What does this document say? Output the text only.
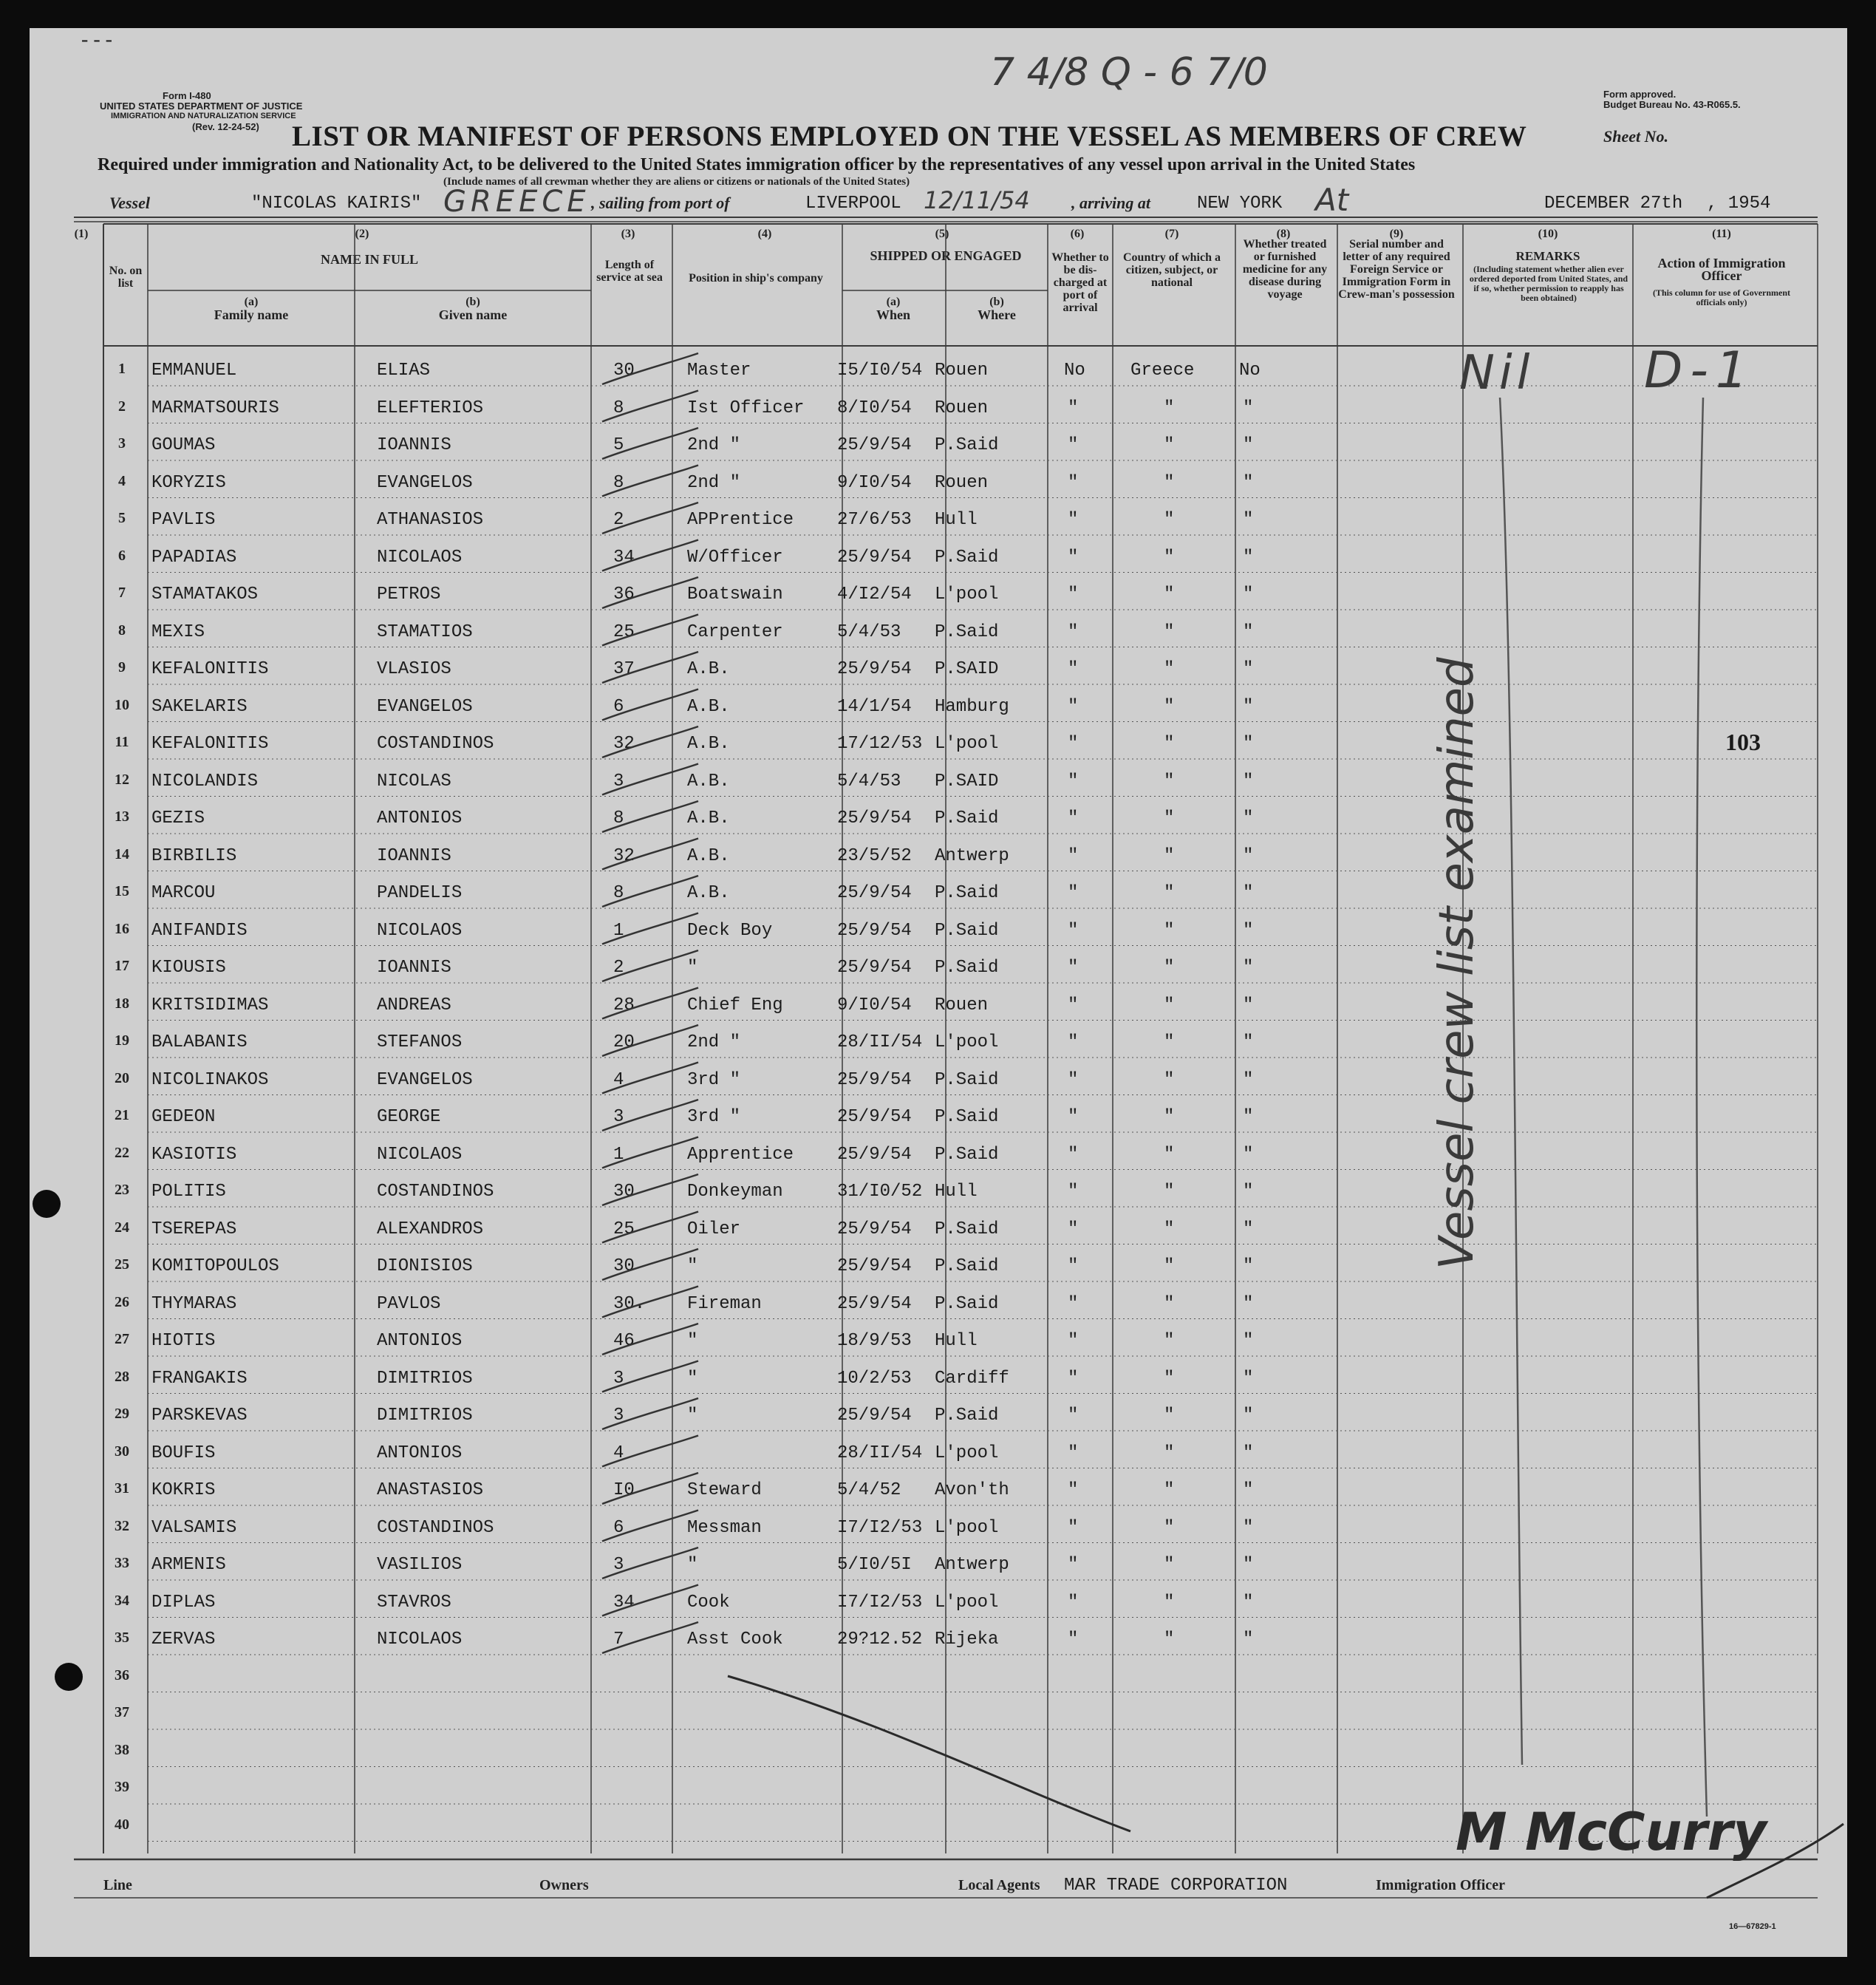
- - -
Form I-480
UNITED STATES DEPARTMENT OF JUSTICE
IMMIGRATION AND NATURALIZATION SERVICE
(Rev. 12-24-52)
7 4/8 Q - 6 7/0	Form approved.
Budget Bureau No. 43-R065.5.
Sheet No.
LIST OR MANIFEST OF PERSONS EMPLOYED ON THE VESSEL AS MEMBERS OF CREW
Required under immigration and Nationality Act, to be delivered to the United States immigration officer by the representatives of any vessel upon arrival in the United States
(Include names of all crewman whether they are aliens or citizens or nationals of the United States)
Vessel	"NICOLAS KAIRIS" GREECE , sailing from port of	LIVERPOOL 12/11/54	, arriving at	NEW YORK At	DECEMBER 27th , 1954
(1)	(2)	(3)	(4)	(5)	(6)	(7)	(8)	(9)	(10)	(11)
No. on list
NAME IN FULL
(a)
Family name
(b)
Given name
Length of service at sea	Position in ship's company
SHIPPED OR ENGAGED
(a)
When
(b)
Where
Whether to be dis-charged at port of arrival
Country of which a citizen, subject, or national
Whether treated or furnished medicine for any disease during voyage
Serial number and letter of any required Foreign Service or Immigration Form in Crew-man's possession
REMARKS
(Including statement whether alien ever ordered deported from United States, and if so, whether permission to reapply has been obtained)
Action of Immigration Officer
(This column for use of Government officials only)
1	EMMANUEL	ELIAS	30	Master	I5/I0/54 Rouen	No	Greece	No
2	MARMATSOURIS	ELEFTERIOS	8	Ist Officer 8/I0/54 Rouen	"	"	"
3	GOUMAS	IOANNIS	5	2nd "	25/9/54 P.Said	"	"	"
4	KORYZIS	EVANGELOS	8	2nd "	9/I0/54 Rouen	"	"	"
5	PAVLIS	ATHANASIOS	2	APPrentice 27/6/53 Hull	"	"	"
6	PAPADIAS	NICOLAOS	34	W/Officer	25/9/54 P.Said	"	"	"
7	STAMATAKOS	PETROS	36	Boatswain	4/I2/54 L'pool	"	"	"
8	MEXIS	STAMATIOS	25	Carpenter	5/4/53 P.Said	"	"	"
9	KEFALONITIS	VLASIOS	37	A.B.	25/9/54 P.SAID	"	"	"
10	SAKELARIS	EVANGELOS	6	A.B.	14/1/54 Hamburg	"	"	"
11	KEFALONITIS	COSTANDINOS	32	A.B.	17/12/53 L'pool	"	"	"
12	NICOLANDIS	NICOLAS	3	A.B.	5/4/53 P.SAID	"	"	"
13	GEZIS	ANTONIOS	8	A.B.	25/9/54 P.Said	"	"	"
14	BIRBILIS	IOANNIS	32	A.B.	23/5/52 Antwerp	"	"	"
15	MARCOU	PANDELIS	8	A.B.	25/9/54 P.Said	"	"	"
16	ANIFANDIS	NICOLAOS	1	Deck Boy	25/9/54 P.Said	"	"	"
17	KIOUSIS	IOANNIS	2	"	25/9/54 P.Said	"	"	"
18	KRITSIDIMAS	ANDREAS	28	Chief Eng	9/I0/54 Rouen	"	"	"
19	BALABANIS	STEFANOS	20	2nd "	28/II/54 L'pool	"	"	"
20	NICOLINAKOS	EVANGELOS	4	3rd "	25/9/54 P.Said	"	"	"
21	GEDEON	GEORGE	3	3rd "	25/9/54 P.Said	"	"	"
22	KASIOTIS	NICOLAOS	1	Apprentice 25/9/54 P.Said	"	"	"
23	POLITIS	COSTANDINOS	30	Donkeyman	31/I0/52 Hull	"	"	"
24	TSEREPAS	ALEXANDROS	25	Oiler	25/9/54 P.Said	"	"	"
25	KOMITOPOULOS	DIONISIOS	30	"	25/9/54 P.Said	"	"	"
26	THYMARAS	PAVLOS	30. Fireman	25/9/54 P.Said	"	"	"
27	HIOTIS	ANTONIOS	46	"	18/9/53 Hull	"	"	"
28	FRANGAKIS	DIMITRIOS	3	"	10/2/53 Cardiff	"	"	"
29	PARSKEVAS	DIMITRIOS	3	"	25/9/54 P.Said	"	"	"
30	BOUFIS	ANTONIOS	4	28/II/54 L'pool	"	"	"
31	KOKRIS	ANASTASIOS	I0	Steward	5/4/52 Avon'th	"	"	"
32	VALSAMIS	COSTANDINOS	6	Messman	I7/I2/53 L'pool	"	"	"
33	ARMENIS	VASILIOS	3	"	5/I0/5I Antwerp	"	"	"
34	DIPLAS	STAVROS	34	Cook	I7/I2/53 L'pool	"	"	"
35	ZERVAS	NICOLAOS	7	Asst Cook	29?12.52 Rijeka	"	"	"
36
37
38
39
40
Nil D-1
Vessel crew list examined	103
M McCurry
Line	Owners	Local Agents MAR TRADE CORPORATION	Immigration Officer
16—67829-1
